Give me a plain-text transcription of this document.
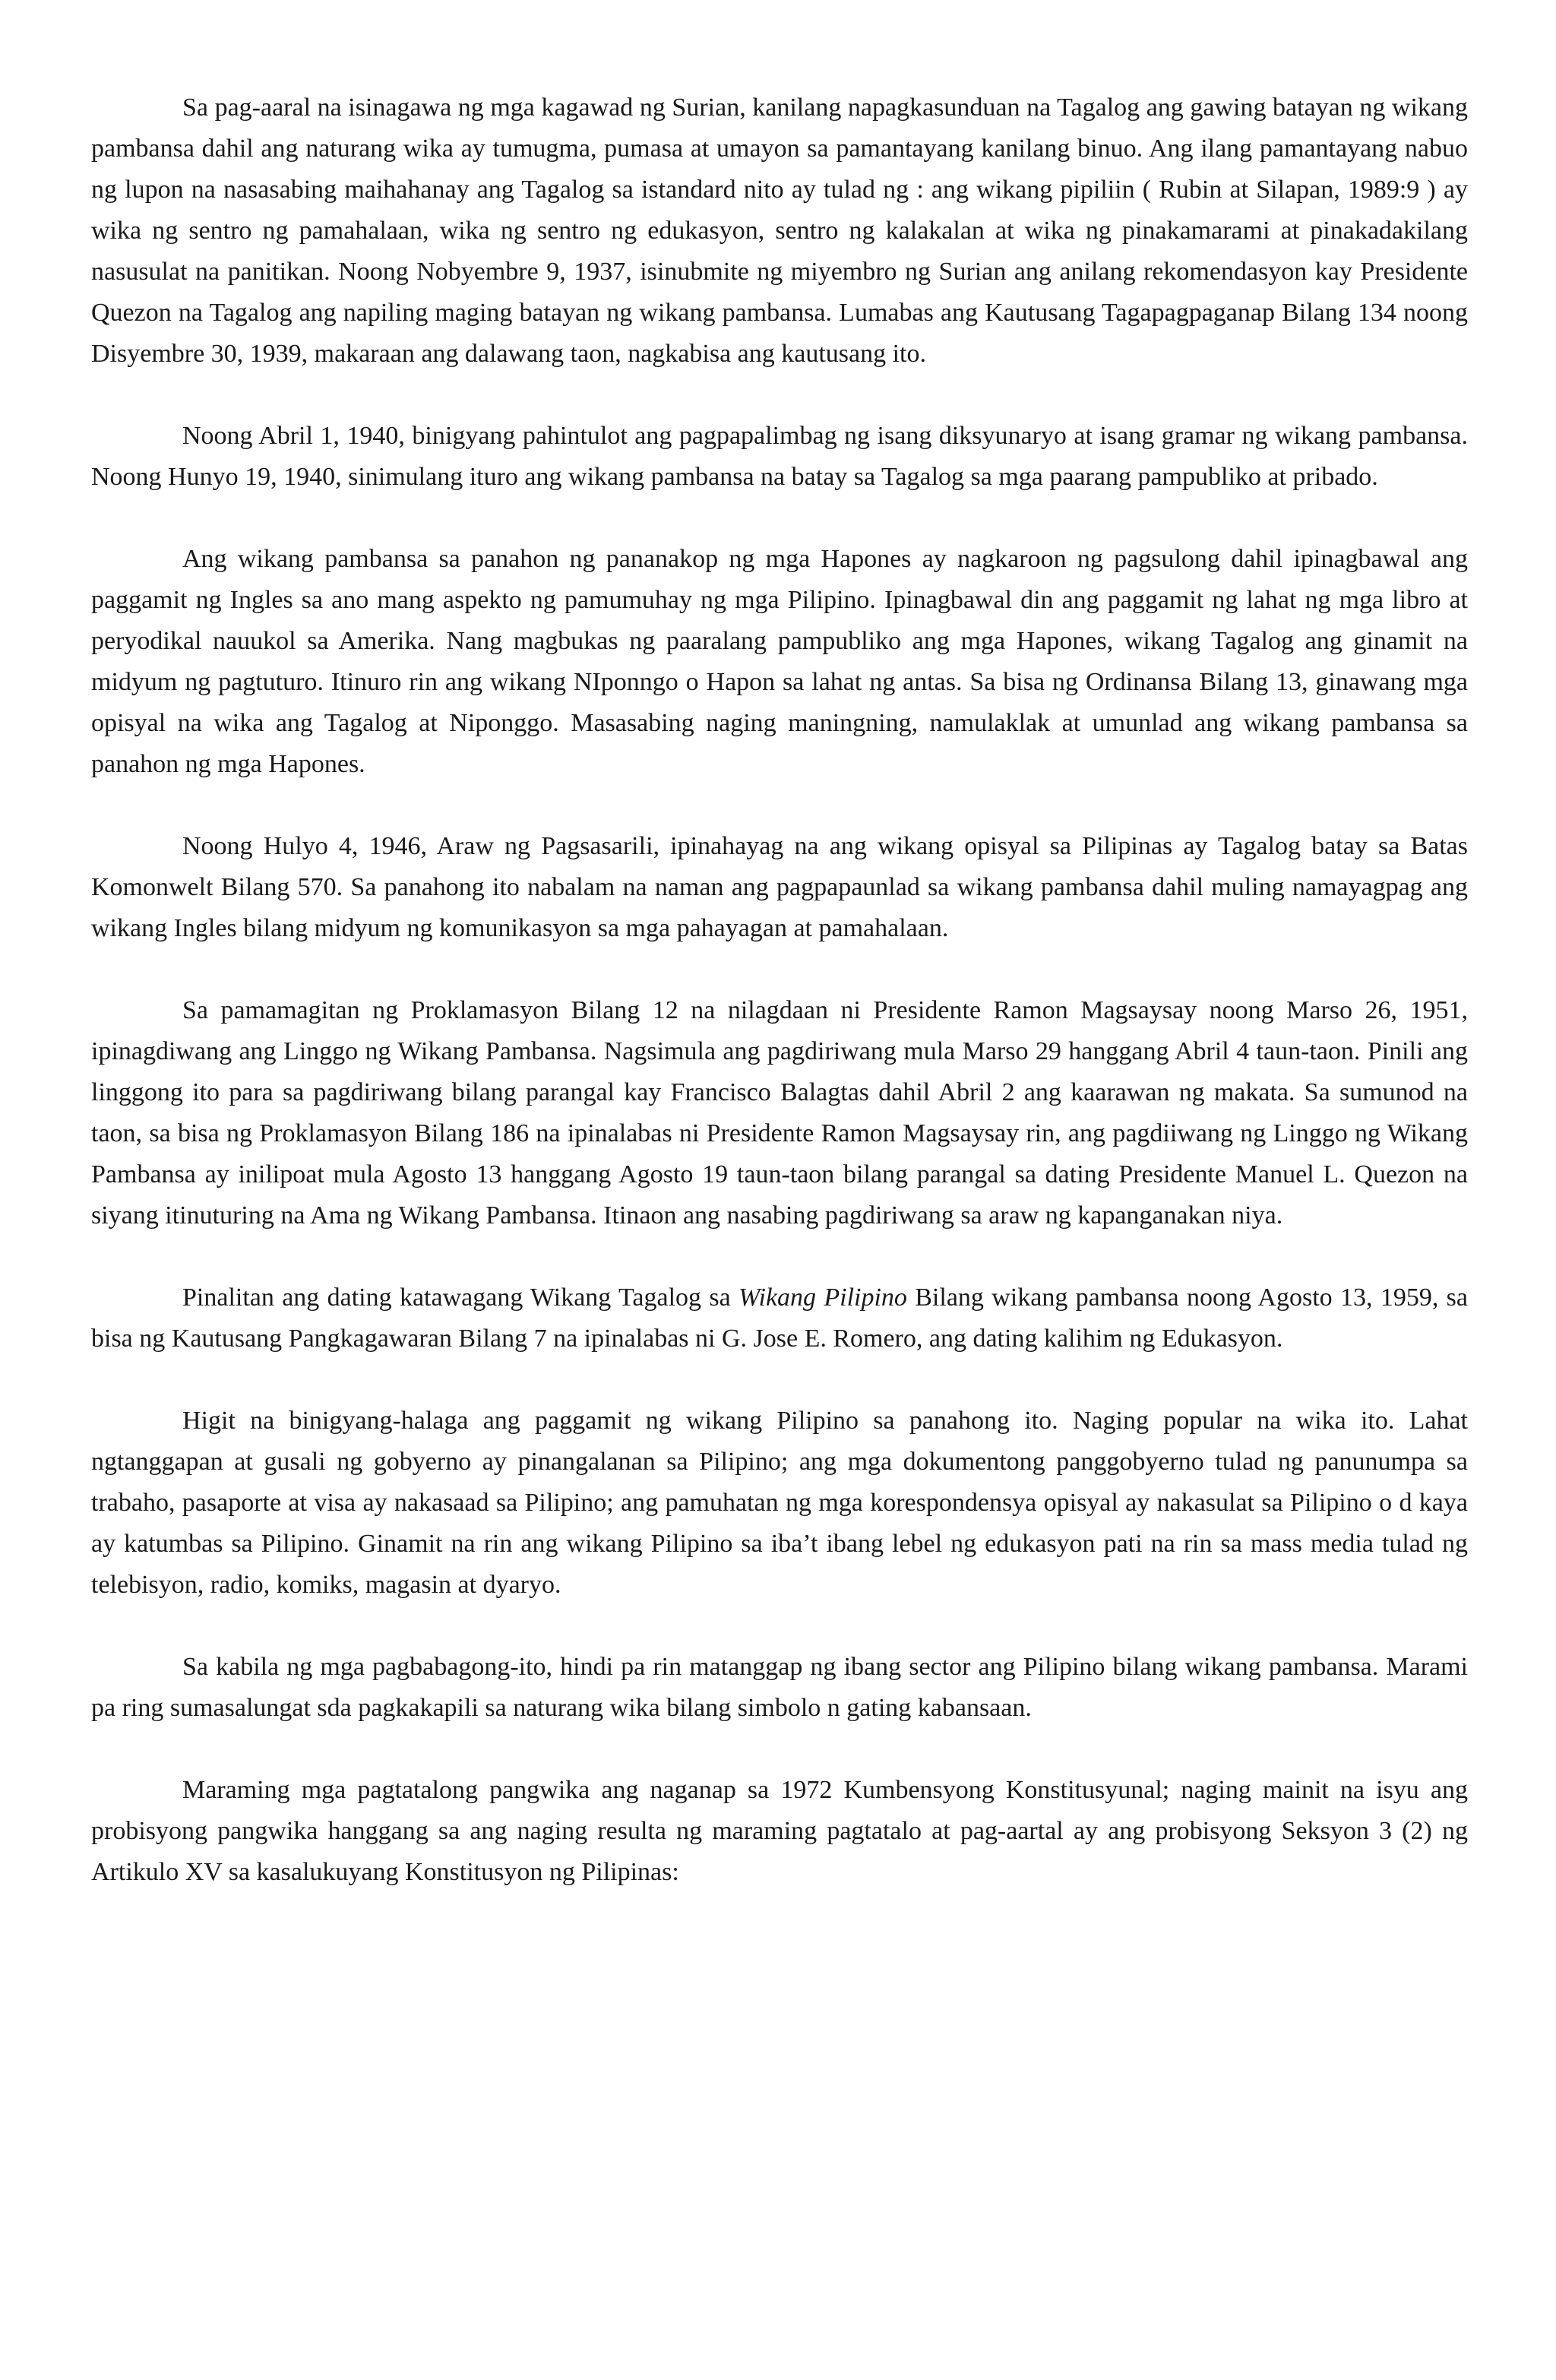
Sa pag-aaral na isinagawa ng mga kagawad ng Surian, kanilang napagkasunduan na Tagalog ang gawing batayan ng wikang pambansa dahil ang naturang wika ay tumugma, pumasa at umayon sa pamantayang kanilang binuo. Ang ilang pamantayang nabuo ng lupon na nasasabing maihahanay ang Tagalog sa istandard nito ay tulad ng : ang wikang pipiliin ( Rubin at Silapan, 1989:9 ) ay wika ng sentro ng pamahalaan, wika ng sentro ng edukasyon, sentro ng kalakalan at wika ng pinakamarami at pinakadakilang nasusulat na panitikan. Noong Nobyembre 9, 1937, isinubmite ng miyembro ng Surian ang anilang rekomendasyon kay Presidente Quezon na Tagalog ang napiling maging batayan ng wikang pambansa. Lumabas ang Kautusang Tagapagpaganap Bilang 134 noong Disyembre 30, 1939, makaraan ang dalawang taon, nagkabisa ang kautusang ito.

Noong Abril 1, 1940, binigyang pahintulot ang pagpapalimbag ng isang diksyunaryo at isang gramar ng wikang pambansa. Noong Hunyo 19, 1940, sinimulang ituro ang wikang pambansa na batay sa Tagalog sa mga paarang pampubliko at pribado.

Ang wikang pambansa sa panahon ng pananakop ng mga Hapones ay nagkaroon ng pagsulong dahil ipinagbawal ang paggamit ng Ingles sa ano mang aspekto ng pamumuhay ng mga Pilipino. Ipinagbawal din ang paggamit ng lahat ng mga libro at peryodikal nauukol sa Amerika. Nang magbukas ng paaralang pampubliko ang mga Hapones, wikang Tagalog ang ginamit na midyum ng pagtuturo. Itinuro rin ang wikang NIponngo o Hapon sa lahat ng antas. Sa bisa ng Ordinansa Bilang 13, ginawang mga opisyal na wika ang Tagalog at Niponggo. Masasabing naging maningning, namulaklak at umunlad ang wikang pambansa sa panahon ng mga Hapones.

Noong Hulyo 4, 1946, Araw ng Pagsasarili, ipinahayag na ang wikang opisyal sa Pilipinas ay Tagalog batay sa Batas Komonwelt Bilang 570. Sa panahong ito nabalam na naman ang pagpapaunlad sa wikang pambansa dahil muling namayagpag ang wikang Ingles bilang midyum ng komunikasyon sa mga pahayagan at pamahalaan.

Sa pamamagitan ng Proklamasyon Bilang 12 na nilagdaan ni Presidente Ramon Magsaysay noong Marso 26, 1951, ipinagdiwang ang Linggo ng Wikang Pambansa. Nagsimula ang pagdiriwang mula Marso 29 hanggang Abril 4 taun-taon. Pinili ang linggong ito para sa pagdiriwang bilang parangal kay Francisco Balagtas dahil Abril 2 ang kaarawan ng makata. Sa sumunod na taon, sa bisa ng Proklamasyon Bilang 186 na ipinalabas ni Presidente Ramon Magsaysay rin, ang pagdiiwang ng Linggo ng Wikang Pambansa ay inilipoat mula Agosto 13 hanggang Agosto 19 taun-taon bilang parangal sa dating Presidente Manuel L. Quezon na siyang itinuturing na Ama ng Wikang Pambansa. Itinaon ang nasabing pagdiriwang sa araw ng kapanganakan niya.

Pinalitan ang dating katawagang Wikang Tagalog sa Wikang Pilipino Bilang wikang pambansa noong Agosto 13, 1959, sa bisa ng Kautusang Pangkagawaran Bilang 7 na ipinalabas ni G. Jose E. Romero, ang dating kalihim ng Edukasyon.

Higit na binigyang-halaga ang paggamit ng wikang Pilipino sa panahong ito. Naging popular na wika ito. Lahat ngtanggapan at gusali ng gobyerno ay pinangalanan sa Pilipino; ang mga dokumentong panggobyerno tulad ng panunumpa sa trabaho, pasaporte at visa ay nakasaad sa Pilipino; ang pamuhatan ng mga korespondensya opisyal ay nakasulat sa Pilipino o d kaya ay katumbas sa Pilipino. Ginamit na rin ang wikang Pilipino sa iba’t ibang lebel ng edukasyon pati na rin sa mass media tulad ng telebisyon, radio, komiks, magasin at dyaryo.

Sa kabila ng mga pagbabagong-ito, hindi pa rin matanggap ng ibang sector ang Pilipino bilang wikang pambansa. Marami pa ring sumasalungat sda pagkakapili sa naturang wika bilang simbolo n gating kabansaan.

Maraming mga pagtatalong pangwika ang naganap sa 1972 Kumbensyong Konstitusyunal; naging mainit na isyu ang probisyong pangwika hanggang sa ang naging resulta ng maraming pagtatalo at pag-aartal ay ang probisyong Seksyon 3 (2) ng Artikulo XV sa kasalukuyang Konstitusyon ng Pilipinas:
